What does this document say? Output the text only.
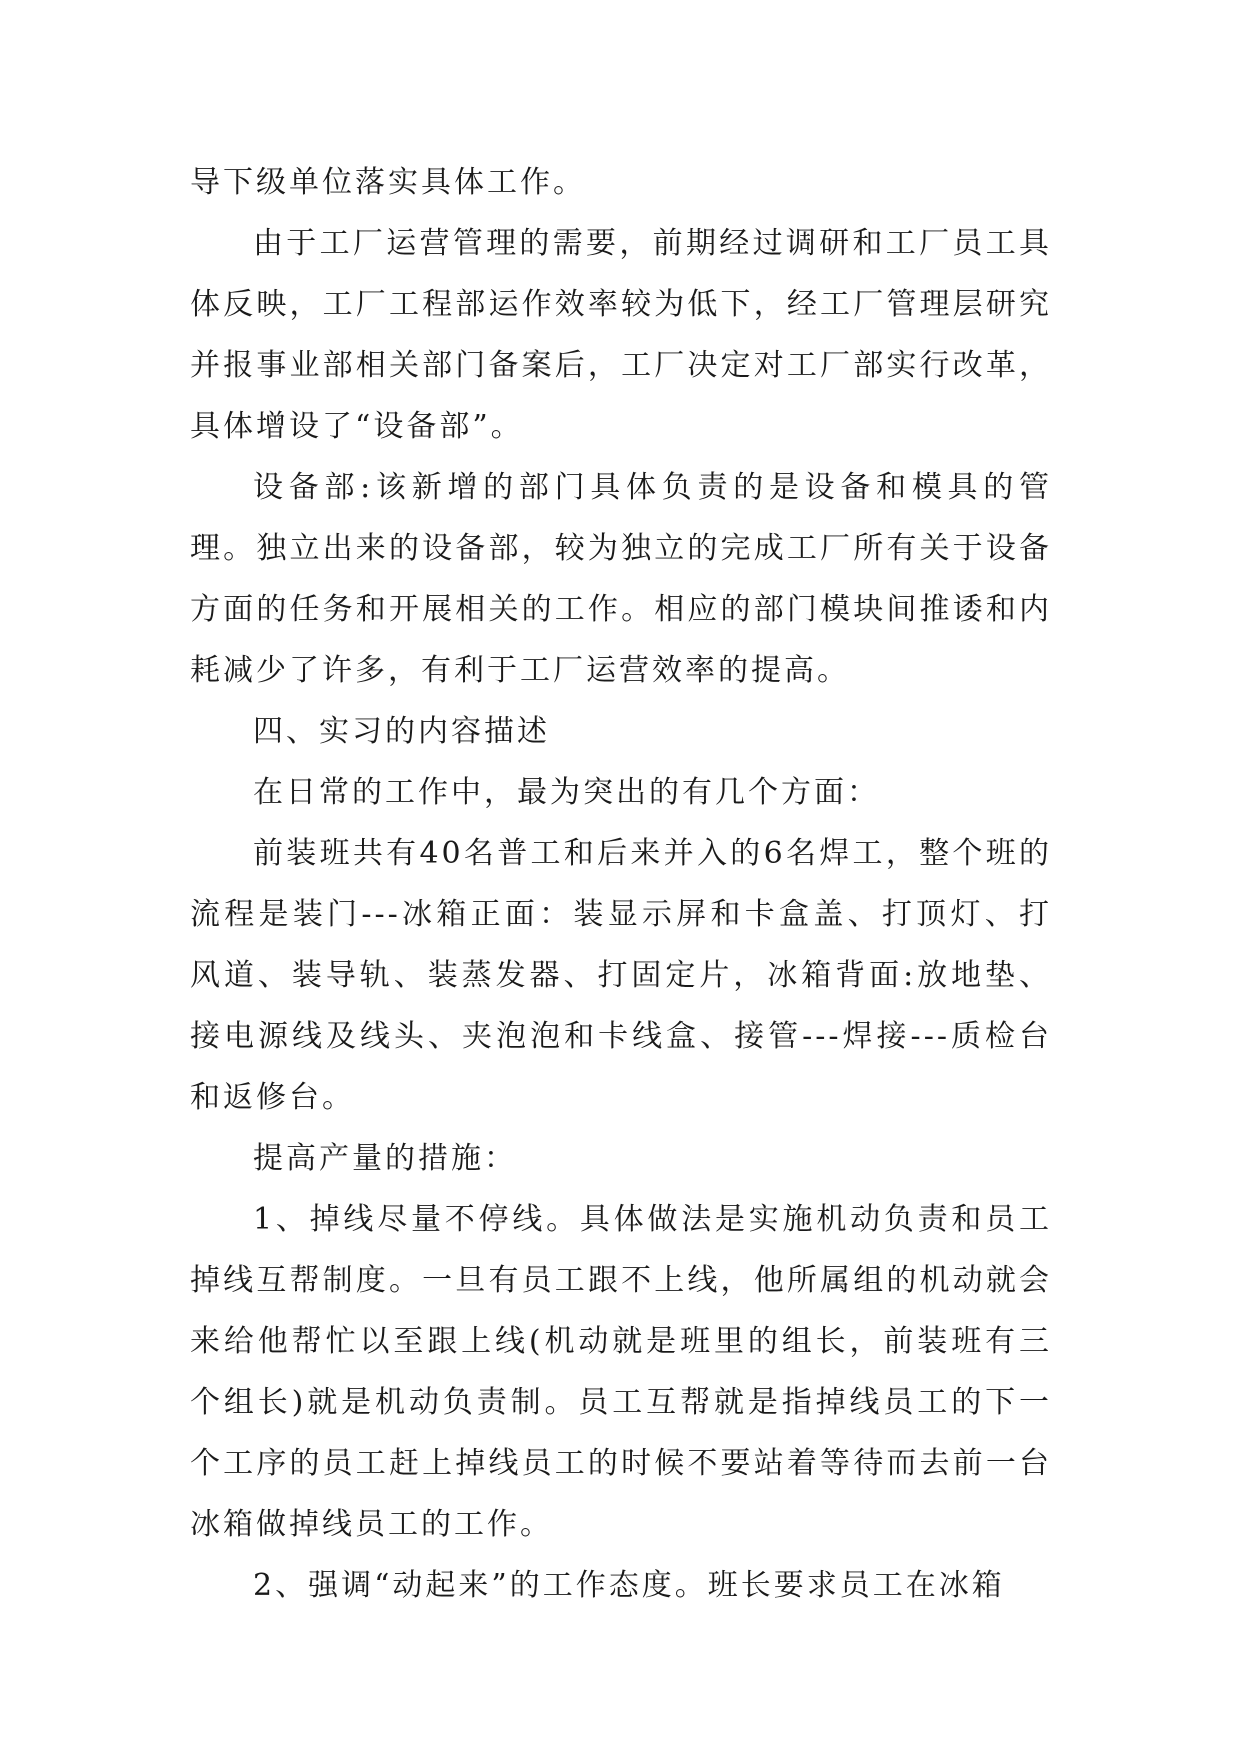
导下级单位落实具体工作。

由于工厂运营管理的需要，前期经过调研和工厂员工具体反映，工厂工程部运作效率较为低下，经工厂管理层研究并报事业部相关部门备案后，工厂决定对工厂部实行改革，具体增设了“设备部”。

设备部:该新增的部门具体负责的是设备和模具的管理。独立出来的设备部，较为独立的完成工厂所有关于设备方面的任务和开展相关的工作。相应的部门模块间推诿和内耗减少了许多，有利于工厂运营效率的提高。

四、实习的内容描述

在日常的工作中，最为突出的有几个方面：

前装班共有40名普工和后来并入的6名焊工，整个班的流程是装门---冰箱正面：装显示屏和卡盒盖、打顶灯、打风道、装导轨、装蒸发器、打固定片，冰箱背面:放地垫、接电源线及线头、夹泡泡和卡线盒、接管---焊接---质检台和返修台。

提高产量的措施：

1、掉线尽量不停线。具体做法是实施机动负责和员工掉线互帮制度。一旦有员工跟不上线，他所属组的机动就会来给他帮忙以至跟上线(机动就是班里的组长，前装班有三个组长)就是机动负责制。员工互帮就是指掉线员工的下一个工序的员工赶上掉线员工的时候不要站着等待而去前一台冰箱做掉线员工的工作。

2、强调“动起来”的工作态度。班长要求员工在冰箱
